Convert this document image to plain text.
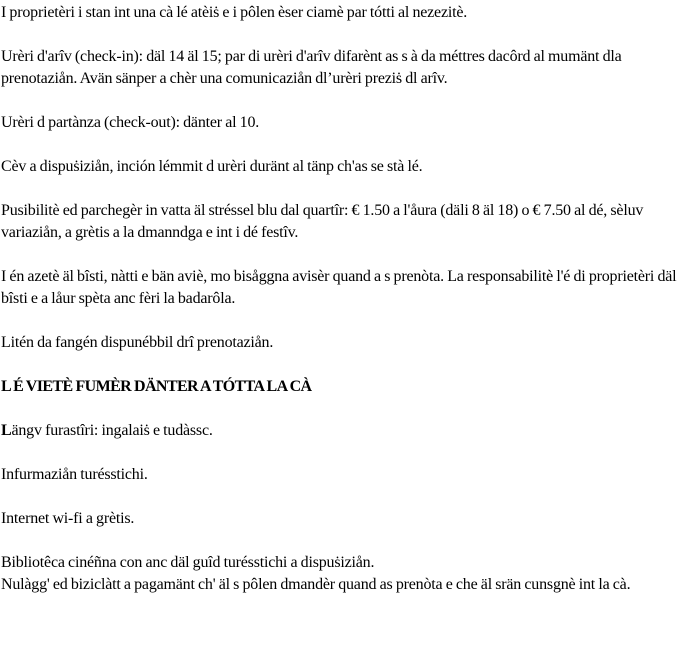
I proprietèri i stan int una cà lé atèiṡ e i pôlen èser ciamè par tótti al nezezitè.

Urèri d'arîv (check-in): däl 14 äl 15; par di urèri d'arîv difarènt as s à da méttres dacôrd al mumänt dla prenotaziån. Avän sänper a chèr una comunicaziån dl’urèri preziṡ dl arîv.

Urèri d partànza (check-out): dänter al 10.

Cèv a dispuṡiziån, inción lémmit d urèri duränt al tänp ch'as se stà lé.

Pusibilitè ed parchegèr in vatta äl stréssel blu dal quartîr: € 1.50 a l'åura (däli 8 äl 18) o € 7.50 al dé, sèluv variaziån, a grètis a la dmanndga e int i dé festîv.

I én azetè äl bîsti, nàtti e bän aviè, mo bisåggna avisèr quand a s prenòta. La responsabilitè l'é di proprietèri däl bîsti e a låur spèta anc fèri la badarôla.

Litén da fangén dispunébbil drî prenotaziån.

L É VIETÈ FUMÈR DÄNTER A TÓTTA LA CÀ

Längv furastîri: ingalaiṡ e tudàssc.

Infurmaziån turésstichi.

Internet wi-fi a grètis.

Bibliotêca cinéñna con anc däl guîd turésstichi a dispuṡiziån.

Nulàgg' ed biziclàtt a pagamänt ch' äl s pôlen dmandèr quand as prenòta e che äl srän cunsgnè int la cà.
